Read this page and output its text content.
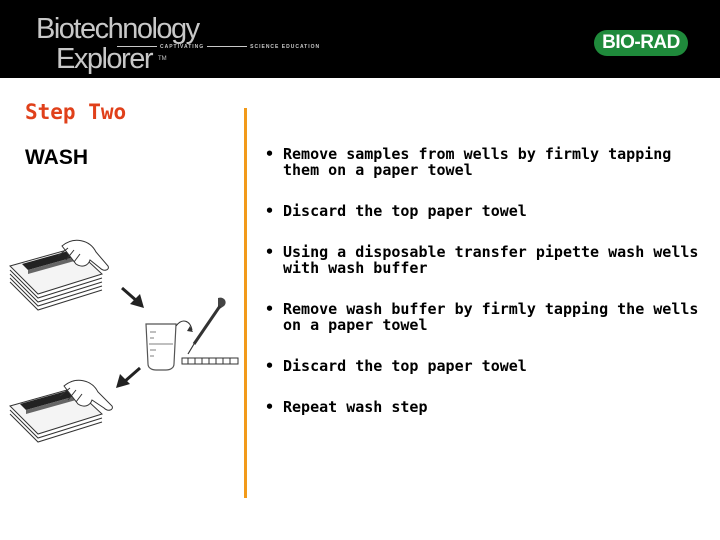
Biotechnology
CAPTIVATING	SCIENCE EDUCATION
Explorer TM
BIO-RAD
Step Two
WASH	• Remove samples from wells by firmly tapping them on a paper towel
• Discard the top paper towel
• Using a disposable transfer pipette wash wells with wash buffer
• Remove wash buffer by firmly tapping the wells on a paper towel
• Discard the top paper towel
• Repeat wash step
